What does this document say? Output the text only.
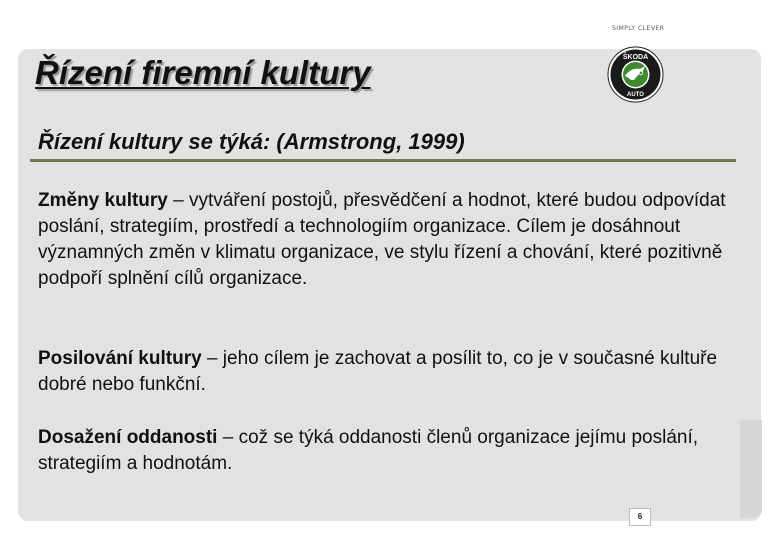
SIMPLY CLEVER
Řízení firemní kultury	ŠKODA
AUTO
Řízení kultury se týká: (Armstrong, 1999)

Změny kultury – vytváření postojů, přesvědčení a hodnot, které budou odpovídat poslání, strategiím, prostředí a technologiím organizace. Cílem je dosáhnout významných změn v klimatu organizace, ve stylu řízení a chování, které pozitivně podpoří splnění cílů organizace.

Posilování kultury – jeho cílem je zachovat a posílit to, co je v současné kultuře dobré nebo funkční.

Dosažení oddanosti – což se týká oddanosti členů organizace jejímu poslání, strategiím a hodnotám.

6
